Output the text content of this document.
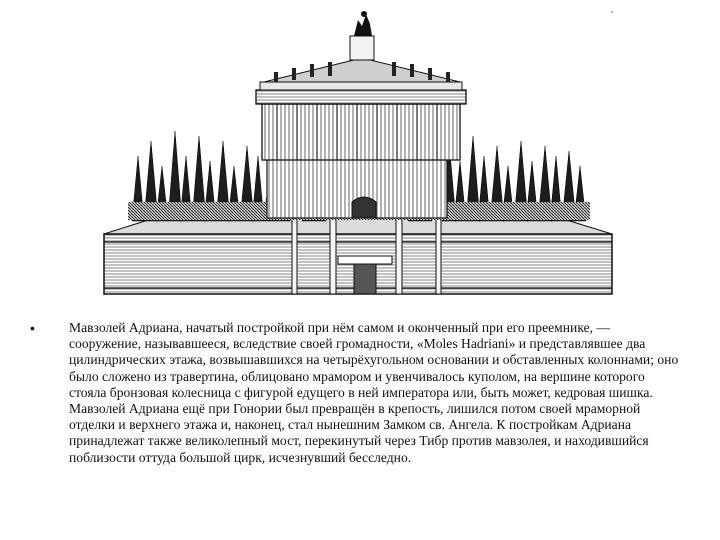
•	Мавзолей Адриана, начатый постройкой при нём самом и оконченный при его преемнике, — сооружение, называвшееся, вследствие своей громадности, «Moles Hadriani» и представлявшее два цилиндрических этажа, возвышавшихся на четырёхугольном основании и обставленных колоннами; оно было сложено из травертина, облицовано мрамором и увенчивалось куполом, на вершине которого стояла бронзовая колесница с фигурой едущего в ней императора или, быть может, кедровая шишка. Мавзолей Адриана ещё при Гонории был превращён в крепость, лишился потом своей мраморной отделки и верхнего этажа и, наконец, стал нынешним Замком св. Ангела. К постройкам Адриана принадлежат также великолепный мост, перекинутый через Тибр против мавзолея, и находившийся поблизости оттуда большой цирк, исчезнувший бесследно.
